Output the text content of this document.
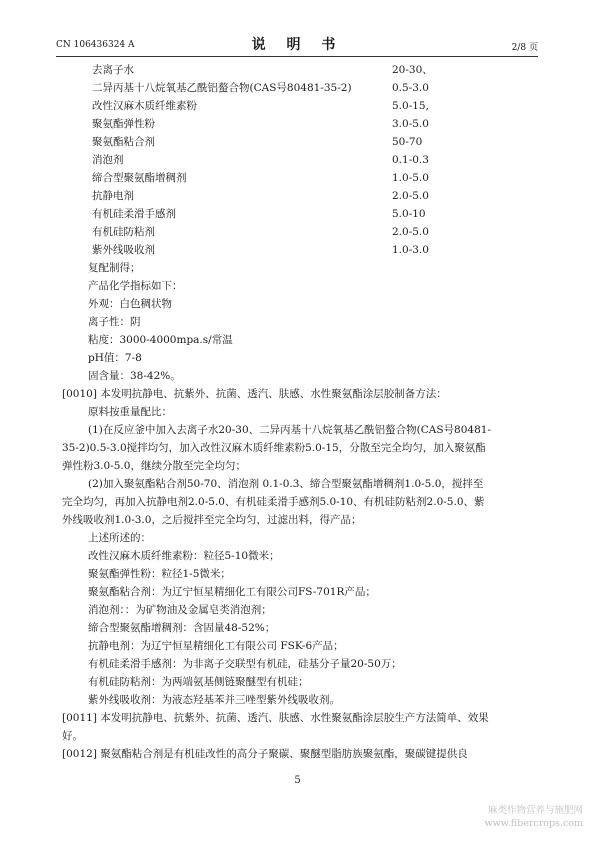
CN 106436324 A	说 明 书	2/8 页
去离子水	20-30、
二异丙基十八烷氧基乙酰铝螯合物(CAS号80481-35-2)	0.5-3.0
改性汉麻木质纤维素粉	5.0-15,
聚氨酯弹性粉	3.0-5.0
聚氨酯粘合剂	50-70
消泡剂	0.1-0.3
缔合型聚氨酯增稠剂	1.0-5.0
抗静电剂	2.0-5.0
有机硅柔滑手感剂	5.0-10
有机硅防粘剂	2.0-5.0
紫外线吸收剂	1.0-3.0
复配制得；
产品化学指标如下：
外观：白色稠状物
离子性：阴
粘度：3000-4000mpa.s/常温
pH值：7-8
固含量：38-42%。
[0010] 本发明抗静电、抗紫外、抗菌、透汽、肤感、水性聚氨酯涂层胶制备方法：
原料按重量配比：
(1)在反应釜中加入去离子水20-30、二异丙基十八烷氧基乙酰铝螯合物(CAS号80481-
35-2)0.5-3.0搅拌均匀，加入改性汉麻木质纤维素粉5.0-15，分散至完全均匀，加入聚氨酯
弹性粉3.0-5.0，继续分散至完全均匀；
(2)加入聚氨酯粘合剂50-70、消泡剂 0.1-0.3、缔合型聚氨酯增稠剂1.0-5.0，搅拌至
完全均匀，再加入抗静电剂2.0-5.0、有机硅柔滑手感剂5.0-10、有机硅防粘剂2.0-5.0、紫
外线吸收剂1.0-3.0，之后搅拌至完全均匀，过滤出料，得产品；
上述所述的：
改性汉麻木质纤维素粉：粒径5-10微米；
聚氨酯弹性粉：粒径1-5微米；
聚氨酯粘合剂：为辽宁恒星精细化工有限公司FS-701R产品；
消泡剂：：为矿物油及金属皂类消泡剂；
缔合型聚氨酯增稠剂：含固量48-52%；
抗静电剂：为辽宁恒星精细化工有限公司 FSK-6产品；
有机硅柔滑手感剂：为非离子交联型有机硅，硅基分子量20-50万；
有机硅防粘剂：为两端氨基侧链聚醚型有机硅；
紫外线吸收剂：为液态羟基苯并三唑型紫外线吸收剂。
[0011] 本发明抗静电、抗紫外、抗菌、透汽、肤感、水性聚氨酯涂层胶生产方法简单、效果
好。
[0012] 聚氨酯粘合剂是有机硅改性的高分子聚碳、聚醚型脂肪族聚氨酯，聚碳键提供良
5
麻类作物营养与施肥网
www.fibercrops.com
